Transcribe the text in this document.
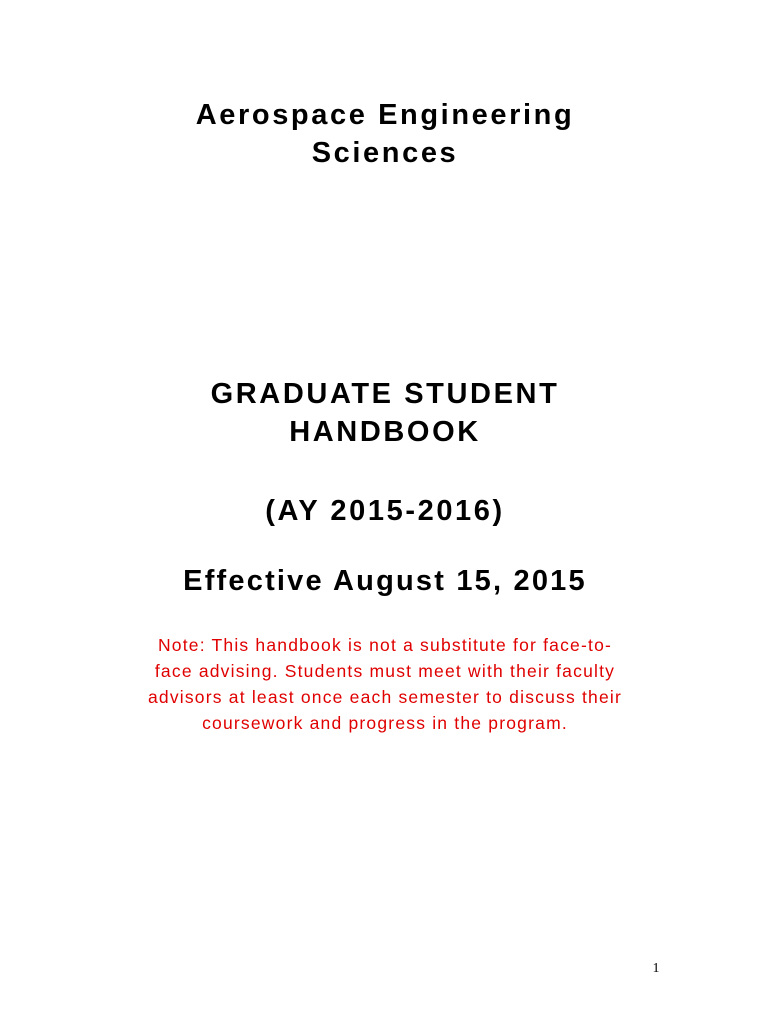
Aerospace Engineering
Sciences
GRADUATE STUDENT
HANDBOOK
(AY 2015-2016)
Effective August 15, 2015

Note: This handbook is not a substitute for face-to-
face advising. Students must meet with their faculty
advisors at least once each semester to discuss their
coursework and progress in the program.

1
